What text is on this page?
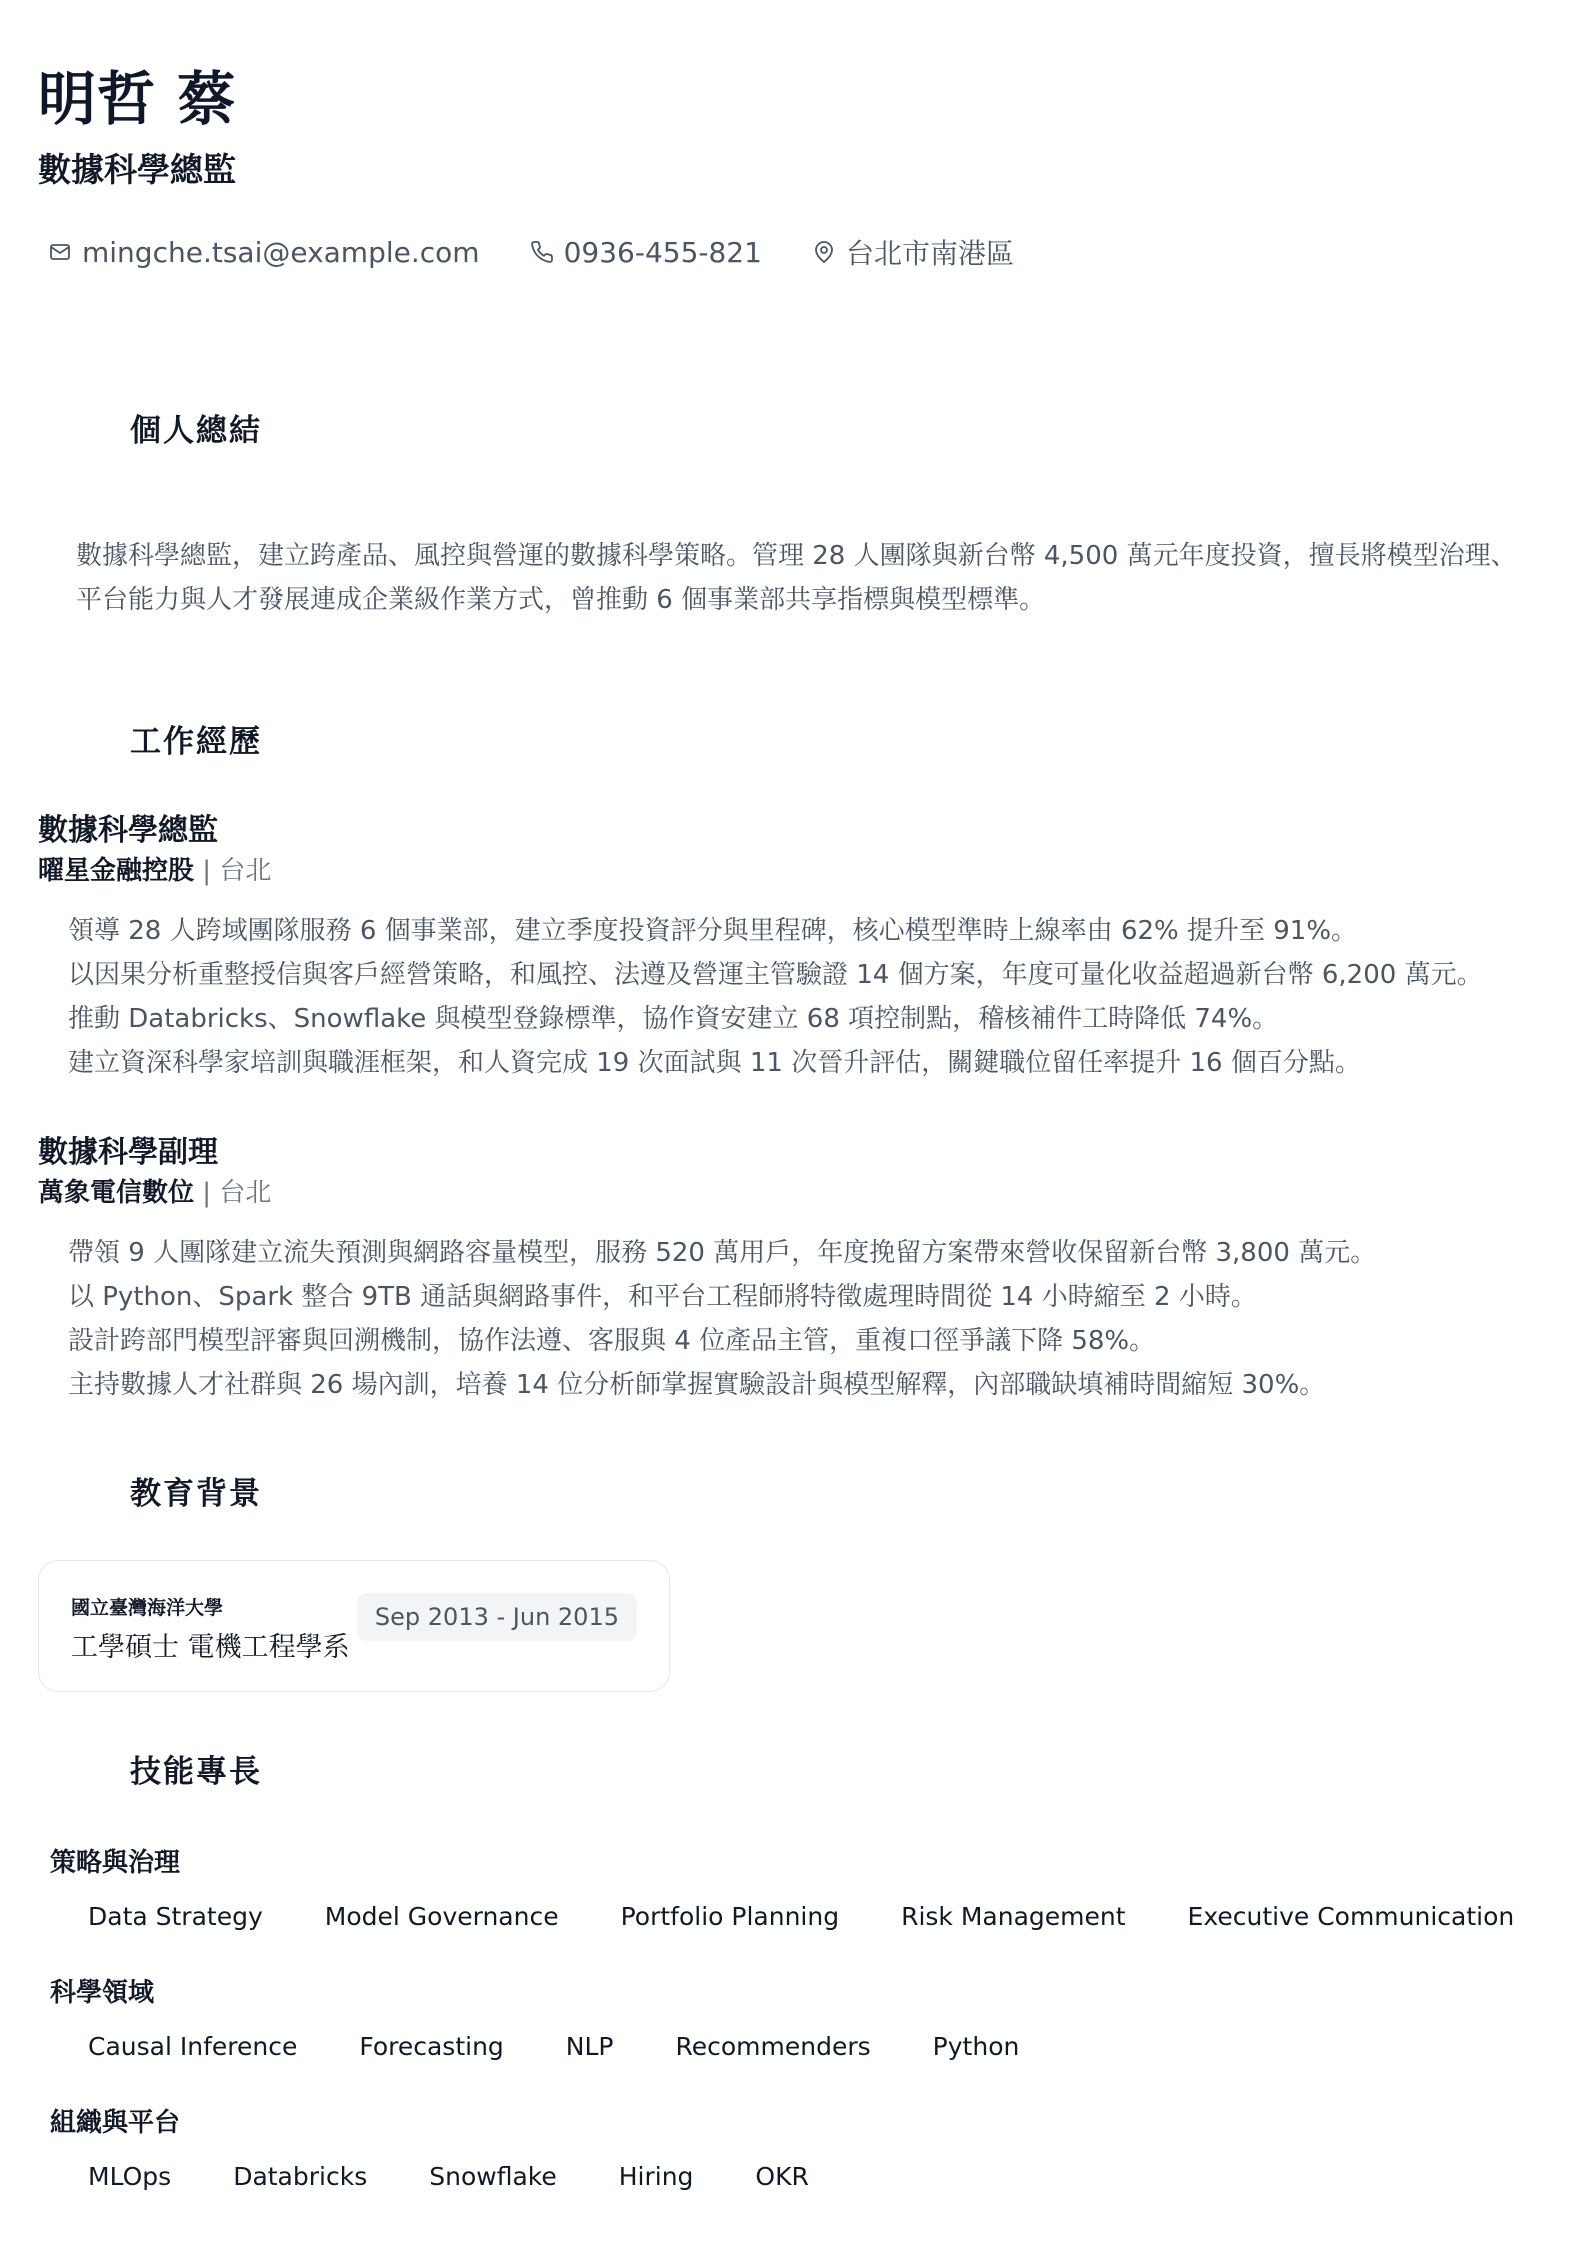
明哲 蔡
數據科學總監
mingche.tsai@example.com	0936-455-821	台北市南港區
個人總結
數據科學總監，建立跨產品、風控與營運的數據科學策略。管理 28 人團隊與新台幣 4,500 萬元年度投資，擅長將模型治理、平台能力與人才發展連成企業級作業方式，曾推動 6 個事業部共享指標與模型標準。
工作經歷
數據科學總監
曜星金融控股 | 台北
領導 28 人跨域團隊服務 6 個事業部，建立季度投資評分與里程碑，核心模型準時上線率由 62% 提升至 91%。
以因果分析重整授信與客戶經營策略，和風控、法遵及營運主管驗證 14 個方案，年度可量化收益超過新台幣 6,200 萬元。
推動 Databricks、Snowflake 與模型登錄標準，協作資安建立 68 項控制點，稽核補件工時降低 74%。
建立資深科學家培訓與職涯框架，和人資完成 19 次面試與 11 次晉升評估，關鍵職位留任率提升 16 個百分點。
數據科學副理
萬象電信數位 | 台北
帶領 9 人團隊建立流失預測與網路容量模型，服務 520 萬用戶，年度挽留方案帶來營收保留新台幣 3,800 萬元。
以 Python、Spark 整合 9TB 通話與網路事件，和平台工程師將特徵處理時間從 14 小時縮至 2 小時。
設計跨部門模型評審與回溯機制，協作法遵、客服與 4 位產品主管，重複口徑爭議下降 58%。
主持數據人才社群與 26 場內訓，培養 14 位分析師掌握實驗設計與模型解釋，內部職缺填補時間縮短 30%。
教育背景
國立臺灣海洋大學
工學碩士 電機工程學系
Sep 2013 - Jun 2015
技能專長
策略與治理
Data Strategy Model Governance Portfolio Planning Risk Management Executive Communication
科學領域
Causal Inference Forecasting NLP Recommenders Python
組織與平台
MLOps Databricks Snowflake Hiring OKR
